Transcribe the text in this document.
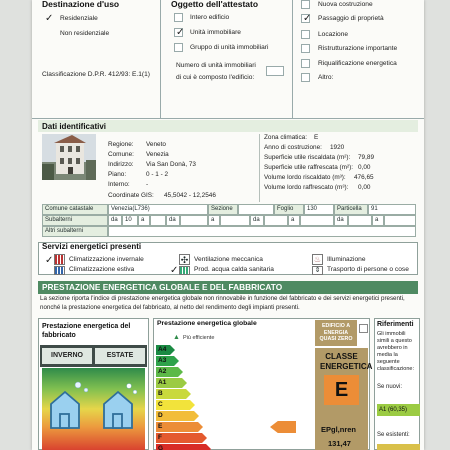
Destinazione d'uso
✓ Residenziale
Non residenziale
Classificazione D.P.R. 412/93: E.1(1)
Oggetto dell'attestato
Intero edificio
✓ Unità immobiliare
Gruppo di unità immobiliari
Numero di unità immobiliari
di cui è composto l'edificio:
Nuova costruzione
✓ Passaggio di proprietà
Locazione
Ristrutturazione importante
Riqualificazione energetica
Altro:
Dati identificativi
Regione: Veneto
Comune: Venezia
Indirizzo: Via San Donà, 73
Piano:	0 - 1 - 2
Interno:	-
Coordinate GIS: 45,5042 - 12,2546
Zona climatica: E
Anno di costruzione: 1920
Superficie utile riscaldata (m²): 79,89
Superficie utile raffrescata (m²): 0,00
Volume lordo riscaldato (m³): 476,65
Volume lordo raffrescato (m³): 0,00
Comune catastale	Venezia(L736)	Sezione	Foglio	130	Particella	91
Subalterni	da	10	a	da	a	da	a	da	a
Altri subalterni
Servizi energetici presenti
✓ Climatizzazione invernale	✣ Ventilazione meccanica	♨ Illuminazione
Climatizzazione estiva	✓ Prod. acqua calda sanitaria	⇕ Trasporto di persone o cose
PRESTAZIONE ENERGETICA GLOBALE E DEL FABBRICATO
La sezione riporta l'indice di prestazione energetica globale non rinnovabile in funzione del fabbricato e dei servizi energetici presenti, nonché la prestazione energetica del fabbricato, al netto del rendimento degli impianti presenti.
Prestazione energetica del fabbricato
INVERNO	ESTATE
Prestazione energetica globale
▲ Più efficiente
A4
A3
A2
A1
B
C
D
E
F
G
EDIFICIO A ENERGIA QUASI ZERO
CLASSE ENERGETICA
E
EPgl,nren
131,47
Riferimenti
Gli immobili simili a questo avrebbero in media la seguente classificazione:
Se nuovi:
A1 (60,35)
Se esistenti:
